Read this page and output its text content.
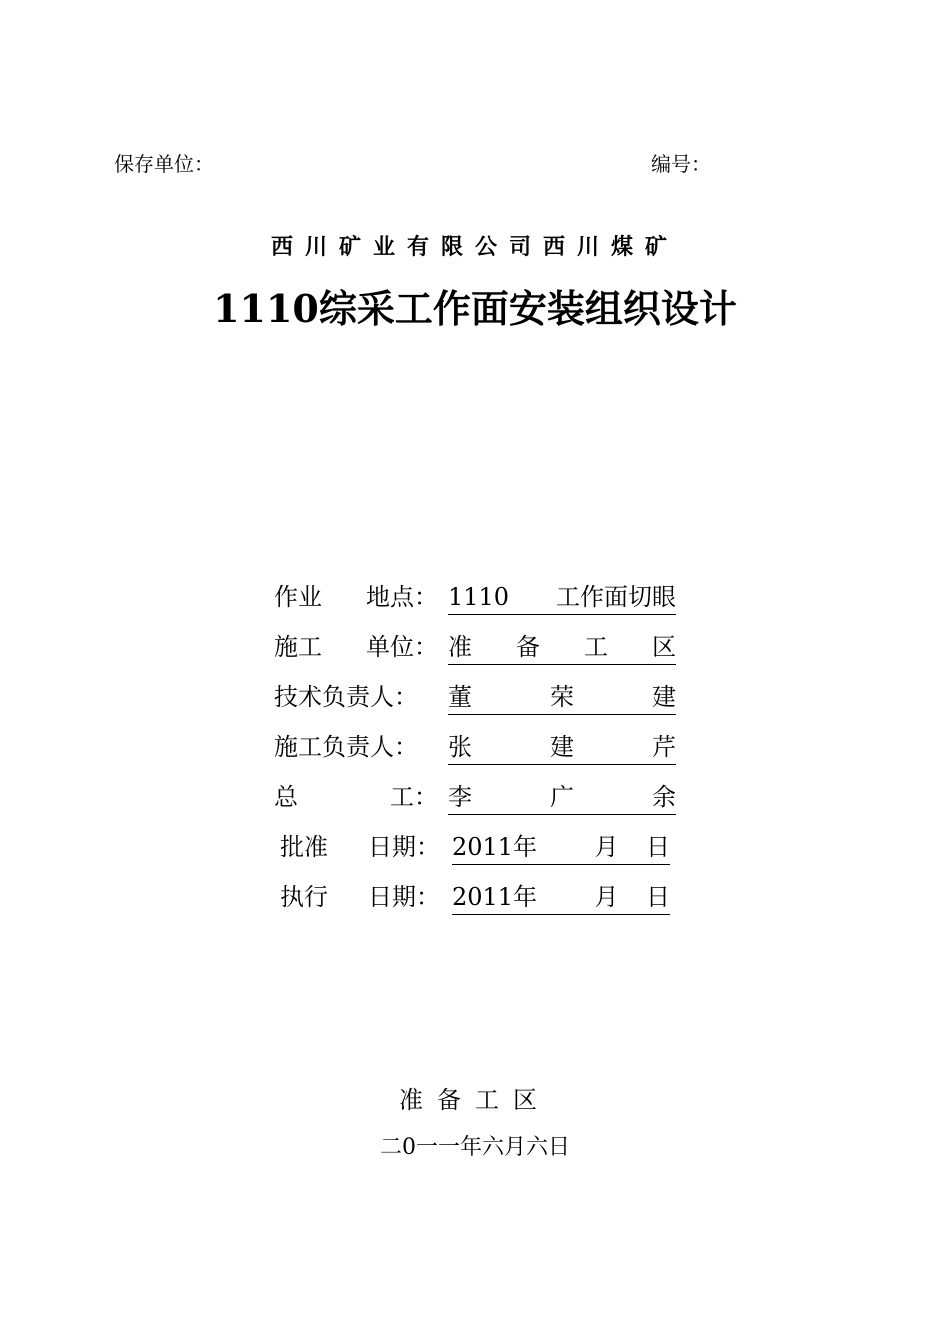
保存单位：	编号：
西川矿业有限公司西川煤矿
1110综采工作面安装组织设计
作业 地点： 1110 工作面切眼
施工 单位： 准 备 工 区
技术负责人： 董	荣	建
施工负责人： 张	建	芹
总	工： 李	广	余
批准 日期： 2011年 月 日
执行 日期： 2011年 月 日
准备工区
二0一一年六月六日
